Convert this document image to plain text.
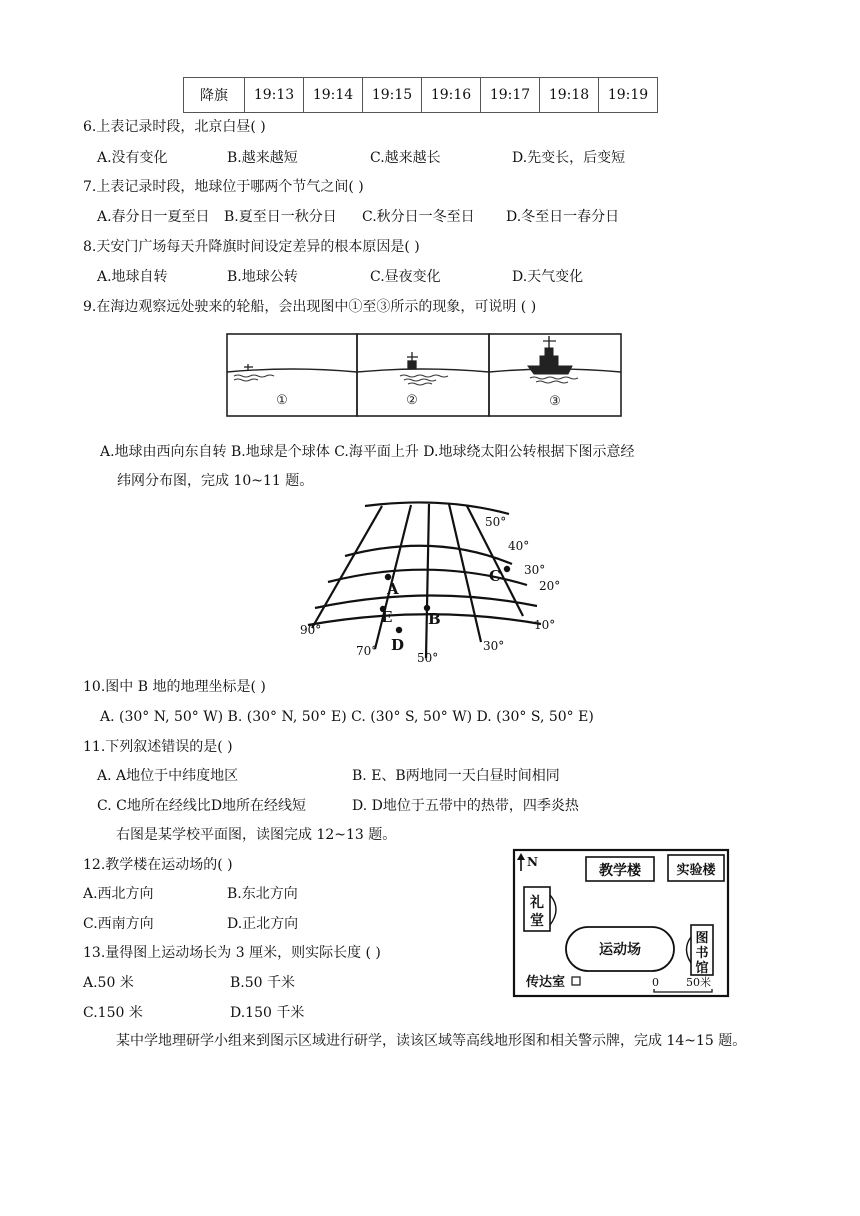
降旗	19:13	19:14	19:15	19:16	19:17	19:18	19:19
6.上表记录时段，北京白昼( )
A.没有变化	B.越来越短	C.越来越长	D.先变长，后变短
7.上表记录时段，地球位于哪两个节气之间( )
A.春分日一夏至日 B.夏至日一秋分日 C.秋分日一冬至日 D.冬至日一春分日
8.天安门广场每天升降旗时间设定差异的根本原因是( )
A.地球自转	B.地球公转	C.昼夜变化	D.天气变化
9.在海边观察远处驶来的轮船，会出现图中①至③所示的现象，可说明 ( )
①	②	③
A.地球由西向东自转 B.地球是个球体 C.海平面上升 D.地球绕太阳公转根据下图示意经
纬网分布图，完成 10~11 题。
A
B
C
D
E
50°
40°
30°
20°
10°
90°
70°	50°
30°
10.图中 B 地的地理坐标是( )
A. (30° N, 50° W) B. (30° N, 50° E) C. (30° S, 50° W) D. (30° S, 50° E)
11.下列叙述错误的是( )
A. A地位于中纬度地区	B. E、B两地同一天白昼时间相同
C. C地所在经线比D地所在经线短	D. D地位于五带中的热带，四季炎热
右图是某学校平面图，读图完成 12~13 题。
12.教学楼在运动场的( )
A.西北方向	B.东北方向
C.西南方向	D.正北方向
13.量得图上运动场长为 3 厘米，则实际长度 ( )
A.50 米	B.50 千米
C.150 米	D.150 千米
N
教学楼	实验楼
礼
堂
运动场
图
书
馆
传达室	0 50米
某中学地理研学小组来到图示区域进行研学，读该区域等高线地形图和相关警示牌，完成 14~15 题。
